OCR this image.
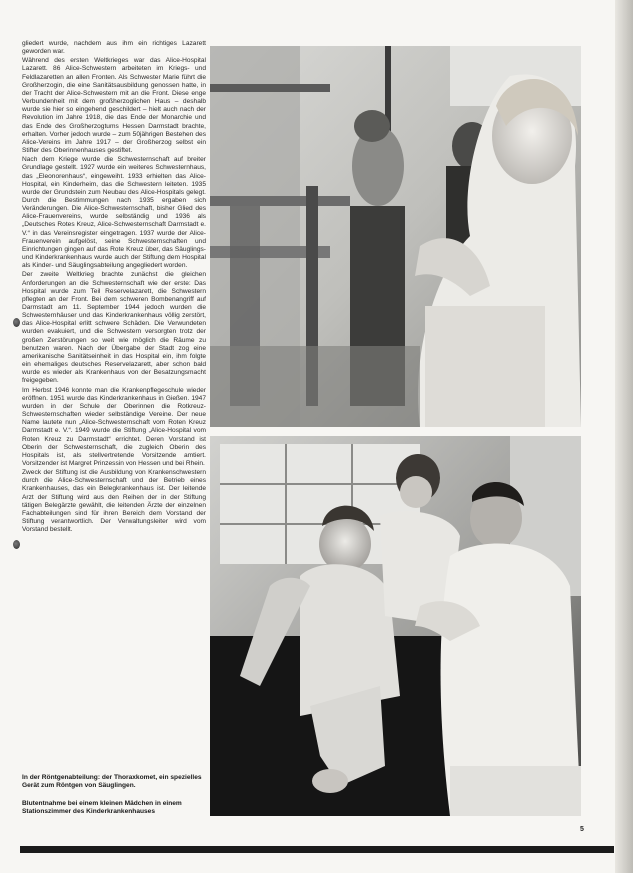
gliedert wurde, nachdem aus ihm ein richtiges Lazarett geworden war.

Während des ersten Weltkrieges war das Alice-Hospital Lazarett. 86 Alice-Schwestern arbeiteten im Kriegs- und Feldlazaretten an allen Fronten. Als Schwester Marie führt die Großherzogin, die eine Sanitätsausbildung genossen hatte, in der Tracht der Alice-Schwestern mit an die Front. Diese enge Verbundenheit mit dem großherzoglichen Haus – deshalb wurde sie hier so eingehend geschildert – hielt auch nach der Revolution im Jahre 1918, die das Ende der Monarchie und das Ende des Großherzogtums Hessen Darmstadt brachte, erhalten. Vorher jedoch wurde – zum 50jährigen Bestehen des Alice-Vereins im Jahre 1917 – der Großherzog selbst ein Stifter des Oberinnenhauses gestiftet.

Nach dem Kriege wurde die Schwesternschaft auf breiter Grundlage gestellt. 1927 wurde ein weiteres Schwesternhaus, das „Eleonorenhaus“, eingeweiht. 1933 erhielten das Alice-Hospital, ein Kinderheim, das die Schwestern leiteten. 1935 wurde der Grundstein zum Neubau des Alice-Hospitals gelegt. Durch die Bestimmungen nach 1935 ergaben sich Veränderungen. Die Alice-Schwesternschaft, bisher Glied des Alice-Frauenvereins, wurde selbständig und 1936 als „Deutsches Rotes Kreuz, Alice-Schwesternschaft Darmstadt e. V.“ in das Vereinsregister eingetragen. 1937 wurde der Alice-Frauenverein aufgelöst, seine Schwesternschaften und Einrichtungen gingen auf das Rote Kreuz über, das Säuglings- und Kinderkrankenhaus wurde auch der Stiftung dem Hospital als Kinder- und Säuglingsabteilung angegliedert worden.

Der zweite Weltkrieg brachte zunächst die gleichen Anforderungen an die Schwesternschaft wie der erste: Das Hospital wurde zum Teil Reservelazarett, die Schwestern pflegten an der Front. Bei dem schweren Bombenangriff auf Darmstadt am 11. September 1944 jedoch wurden die Schwesternhäuser und das Kinderkrankenhaus völlig zerstört, das Alice-Hospital erlitt schwere Schäden. Die Verwundeten wurden evakuiert, und die Schwestern versorgten trotz der großen Zerstörungen so weit wie möglich die Räume zu benutzen waren. Nach der Übergabe der Stadt zog eine amerikanische Sanitätseinheit in das Hospital ein, ihm folgte ein ehemaliges deutsches Reservelazarett, aber schon bald wurde es wieder als Krankenhaus von der Besatzungsmacht freigegeben.

Im Herbst 1946 konnte man die Krankenpflegeschule wieder eröffnen. 1951 wurde das Kinderkrankenhaus in Gießen. 1947 wurden in der Schule der Oberinnen die Rotkreuz-Schwesternschaften wieder selbständige Vereine. Der neue Name lautete nun „Alice-Schwesternschaft vom Roten Kreuz Darmstadt e. V.“. 1949 wurde die Stiftung „Alice-Hospital vom Roten Kreuz zu Darmstadt“ errichtet. Deren Vorstand ist Oberin der Schwesternschaft, die zugleich Oberin des Hospitals ist, als stellvertretende Vorsitzende amtiert. Vorsitzender ist Margret Prinzessin von Hessen und bei Rhein.

Zweck der Stiftung ist die Ausbildung von Krankenschwestern durch die Alice-Schwesternschaft und der Betrieb eines Krankenhauses, das ein Belegkrankenhaus ist. Der leitende Arzt der Stiftung wird aus den Reihen der in der Stiftung tätigen Belegärzte gewählt, die leitenden Ärzte der einzelnen Fachabteilungen sind für ihren Bereich dem Vorstand der Stiftung verantwortlich. Der Verwaltungsleiter wird vom Vorstand bestellt.

In der Röntgenabteilung: der Thoraxkomet, ein spezielles Gerät zum Röntgen von Säuglingen.
Blutentnahme bei einem kleinen Mädchen in einem Stationszimmer des Kinderkrankenhauses
5
